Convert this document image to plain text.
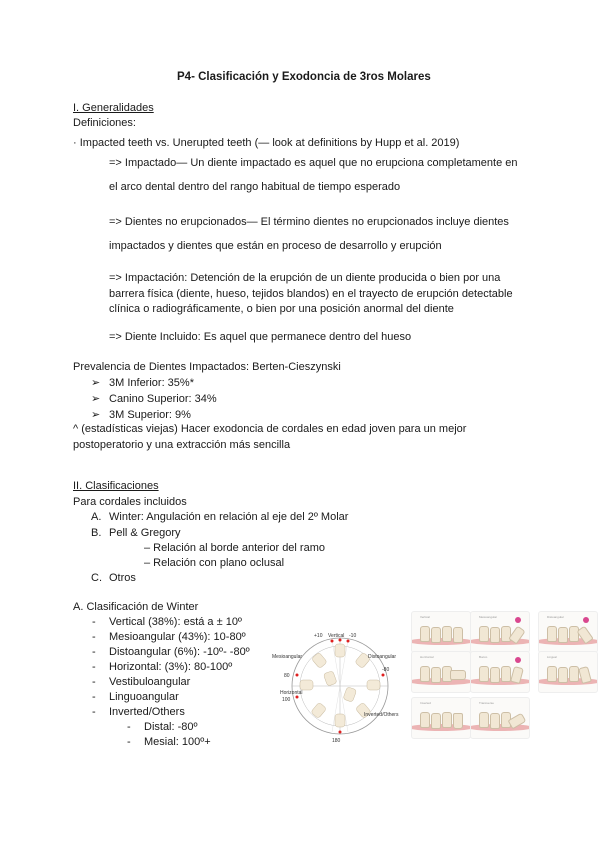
P4- Clasificación y Exodoncia de 3ros Molares
I. Generalidades
Definiciones:
· Impacted teeth vs. Unerupted teeth (— look at definitions by Hupp et al. 2019)
=> Impactado— Un diente impactado es aquel que no erupciona completamente en
el arco dental dentro del rango habitual de tiempo esperado
=> Dientes no erupcionados— El término dientes no erupcionados incluye dientes
impactados y dientes que están en proceso de desarrollo y erupción
=> Impactación: Detención de la erupción de un diente producida o bien por una
barrera física (diente, hueso, tejidos blandos) en el trayecto de erupción detectable
clínica o radiográficamente, o bien por una posición anormal del diente
=> Diente Incluido: Es aquel que permanece dentro del hueso
Prevalencia de Dientes Impactados: Berten-Cieszynski
➢ 3M Inferior: 35%*
➢ Canino Superior: 34%
➢ 3M Superior: 9%
^ (estadísticas viejas) Hacer exodoncia de cordales en edad joven para un mejor
postoperatorio y una extracción más sencilla
II. Clasificaciones
Para cordales incluidos
A. Winter: Angulación en relación al eje del 2º Molar
B. Pell & Gregory
– Relación al borde anterior del ramo
– Relación con plano oclusal
C. Otros
A. Clasificación de Winter
- Vertical (38%): está a ± 10º
- Mesioangular (43%): 10-80º
- Distoangular (6%): -10º- -80º
- Horizontal: (3%): 80-100º
- Vestibuloangular
- Linguoangular
- Inverted/Others
- Distal: -80º
- Mesial: 100º+
+10 Vertical -10
Mesioangular	Distoangular
80
-80
Horizontal
100
180
Inverted/Others
Vertical	Mesioangular	Distoangular
Horizontal	Bucco	Lingual
Inverted	Transverse
